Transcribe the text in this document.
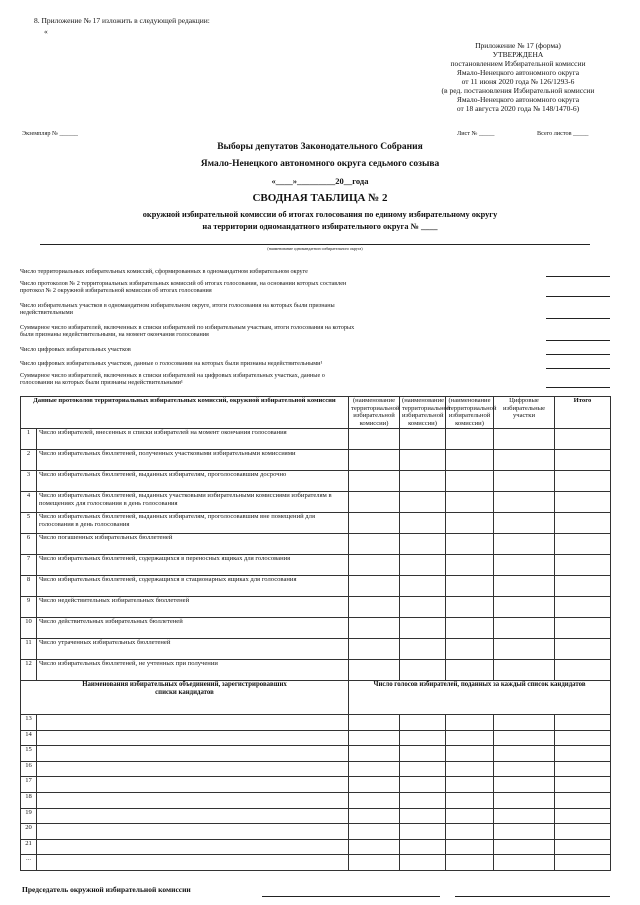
8. Приложение № 17 изложить в следующей редакции:
«
Приложение № 17 (форма)
УТВЕРЖДЕНА
постановлением Избирательной комиссии
Ямало-Ненецкого автономного округа
от 11 июня 2020 года № 126/1293-6
(в ред. постановления Избирательной комиссии
Ямало-Ненецкого автономного округа
от 18 августа 2020 года № 148/1470-6)
Экземпляр № ______	Лист № _____	Всего листов _____
Выборы депутатов Законодательного Собрания
Ямало-Ненецкого автономного округа седьмого созыва
«____»_________20__года
СВОДНАЯ ТАБЛИЦА № 2
окружной избирательной комиссии об итогах голосования по единому избирательному округу
на территории одномандатного избирательного округа № ____
(наименование одномандатного избирательного округа)
Число территориальных избирательных комиссий, сформированных в одномандатном избирательном округе
Число протоколов № 2 территориальных избирательных комиссий об итогах голосования, на основании которых составлен
протокол № 2 окружной избирательной комиссии об итогах голосования
Число избирательных участков в одномандатном избирательном округе, итоги голосования на которых были признаны
недействительными
Суммарное число избирателей, включенных в списки избирателей по избирательным участкам, итоги голосования на которых
были признаны недействительными, на момент окончания голосования
Число цифровых избирательных участков
Число цифровых избирательных участков, данные о голосовании на которых были признаны недействительными¹
Суммарное число избирателей, включенных в списки избирателей на цифровых избирательных участках, данные о
голосовании на которых были признаны недействительными¹
Данные протоколов территориальных избирательных комиссий, окружной избирательной комиссии		(наименование территориальной избирательной комиссии)	(наименование территориальной избирательной комиссии)	(наименование территориальной избирательной комиссии)	Цифровые избирательные участки	Итого
1	Число избирателей, внесенных в списки избирателей на момент окончания голосования					
2	Число избирательных бюллетеней, полученных участковыми избирательными комиссиями					
3	Число избирательных бюллетеней, выданных избирателям, проголосовавшим досрочно					
4	Число избирательных бюллетеней, выданных участковыми избирательными комиссиями избирателям в помещениях для голосования в день голосования					
5	Число избирательных бюллетеней, выданных избирателям, проголосовавшим вне помещений для голосования в день голосования					
6	Число погашенных избирательных бюллетеней					
7	Число избирательных бюллетеней, содержащихся в переносных ящиках для голосования					
8	Число избирательных бюллетеней, содержащихся в стационарных ящиках для голосования					
9	Число недействительных избирательных бюллетеней					
10	Число действительных избирательных бюллетеней					
11	Число утраченных избирательных бюллетеней					
12	Число избирательных бюллетеней, не учтенных при получении					
Наименования избирательных объединений, зарегистрировавших списки кандидатов		Число голосов избирателей, поданных за каждый список кандидатов				
13						
14						
15						
16						
17						
18						
19						
20						
21						
...						
Председатель окружной избирательной комиссии
